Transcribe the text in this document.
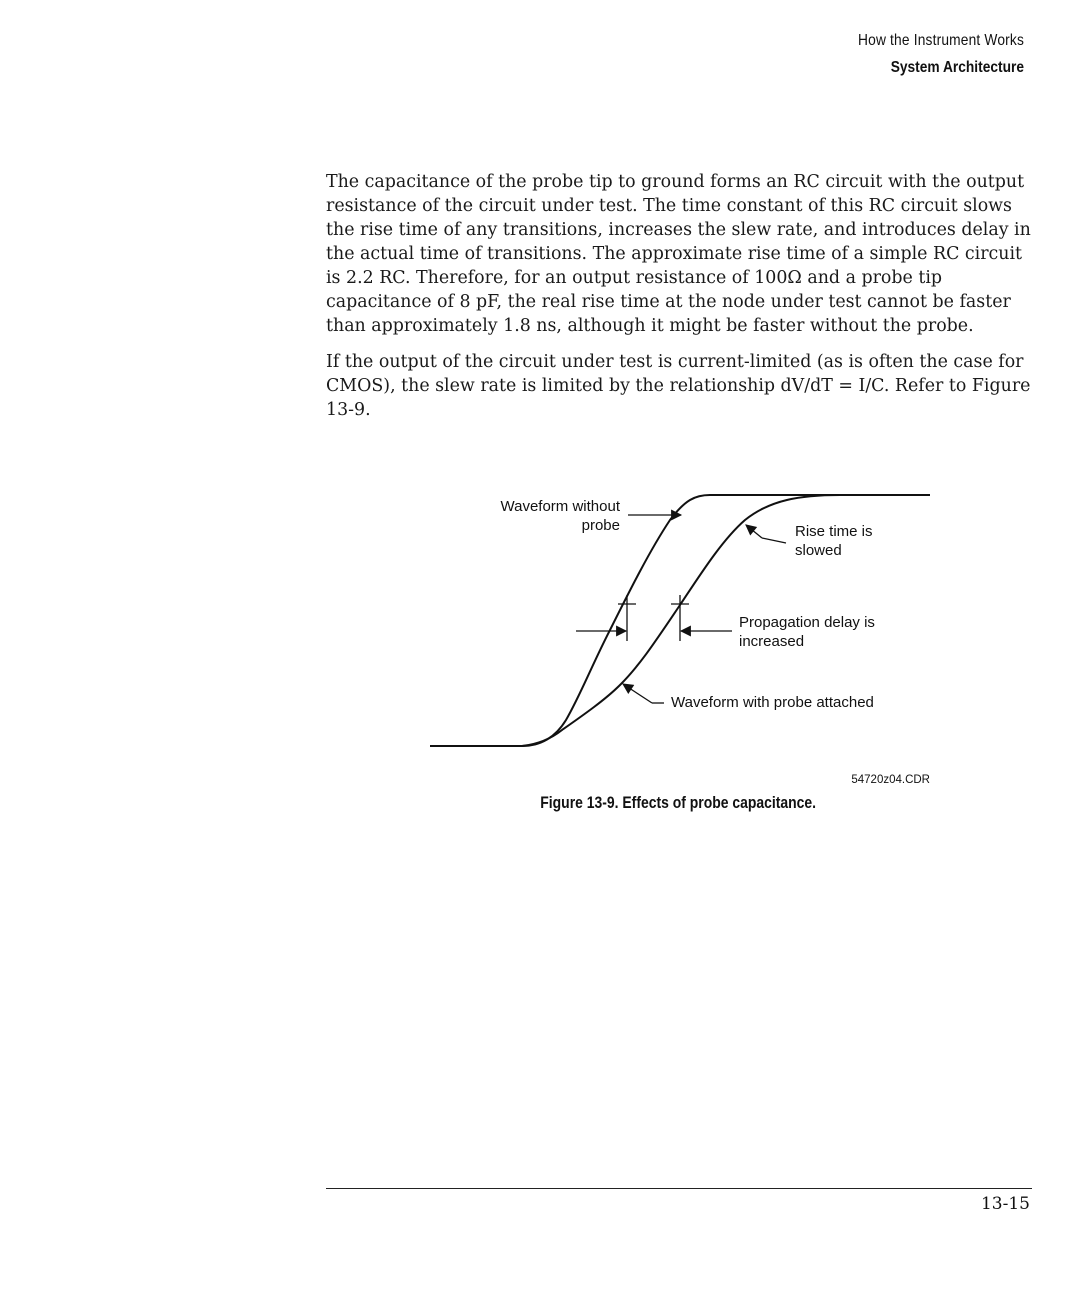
How the Instrument Works
System Architecture

The capacitance of the probe tip to ground forms an RC circuit with the output resistance of the circuit under test. The time constant of this RC circuit slows the rise time of any transitions, increases the slew rate, and introduces delay in the actual time of transitions. The approximate rise time of a simple RC circuit is 2.2 RC. Therefore, for an output resistance of 100Ω and a probe tip capacitance of 8 pF, the real rise time at the node under test cannot be faster than approximately 1.8 ns, although it might be faster without the probe.

If the output of the circuit under test is current-limited (as is often the case for CMOS), the slew rate is limited by the relationship dV/dT = I/C. Refer to Figure 13-9.

Waveform without
probe	Rise time is
slowed
Propagation delay is
increased
Waveform with probe attached
54720z04.CDR
Figure 13-9. Effects of probe capacitance.
13-15
